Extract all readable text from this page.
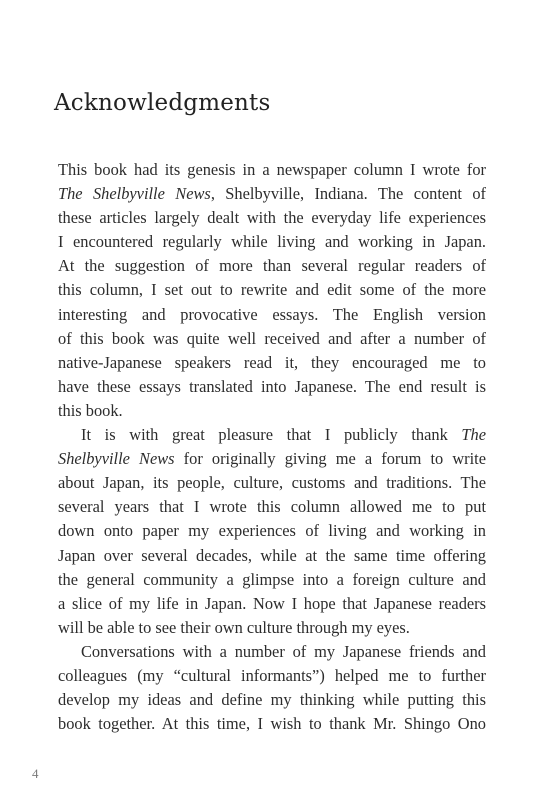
Acknowledgments
This book had its genesis in a newspaper column I wrote for
The Shelbyville News, Shelbyville, Indiana. The content of
these articles largely dealt with the everyday life experiences
I encountered regularly while living and working in Japan.
At the suggestion of more than several regular readers of
this column, I set out to rewrite and edit some of the more
interesting and provocative essays. The English version
of this book was quite well received and after a number of
native-Japanese speakers read it, they encouraged me to
have these essays translated into Japanese. The end result is
this book.
It is with great pleasure that I publicly thank The
Shelbyville News for originally giving me a forum to write
about Japan, its people, culture, customs and traditions. The
several years that I wrote this column allowed me to put
down onto paper my experiences of living and working in
Japan over several decades, while at the same time offering
the general community a glimpse into a foreign culture and
a slice of my life in Japan. Now I hope that Japanese readers
will be able to see their own culture through my eyes.
Conversations with a number of my Japanese friends and
colleagues (my “cultural informants”) helped me to further
develop my ideas and define my thinking while putting this
book together. At this time, I wish to thank Mr. Shingo Ono
4
